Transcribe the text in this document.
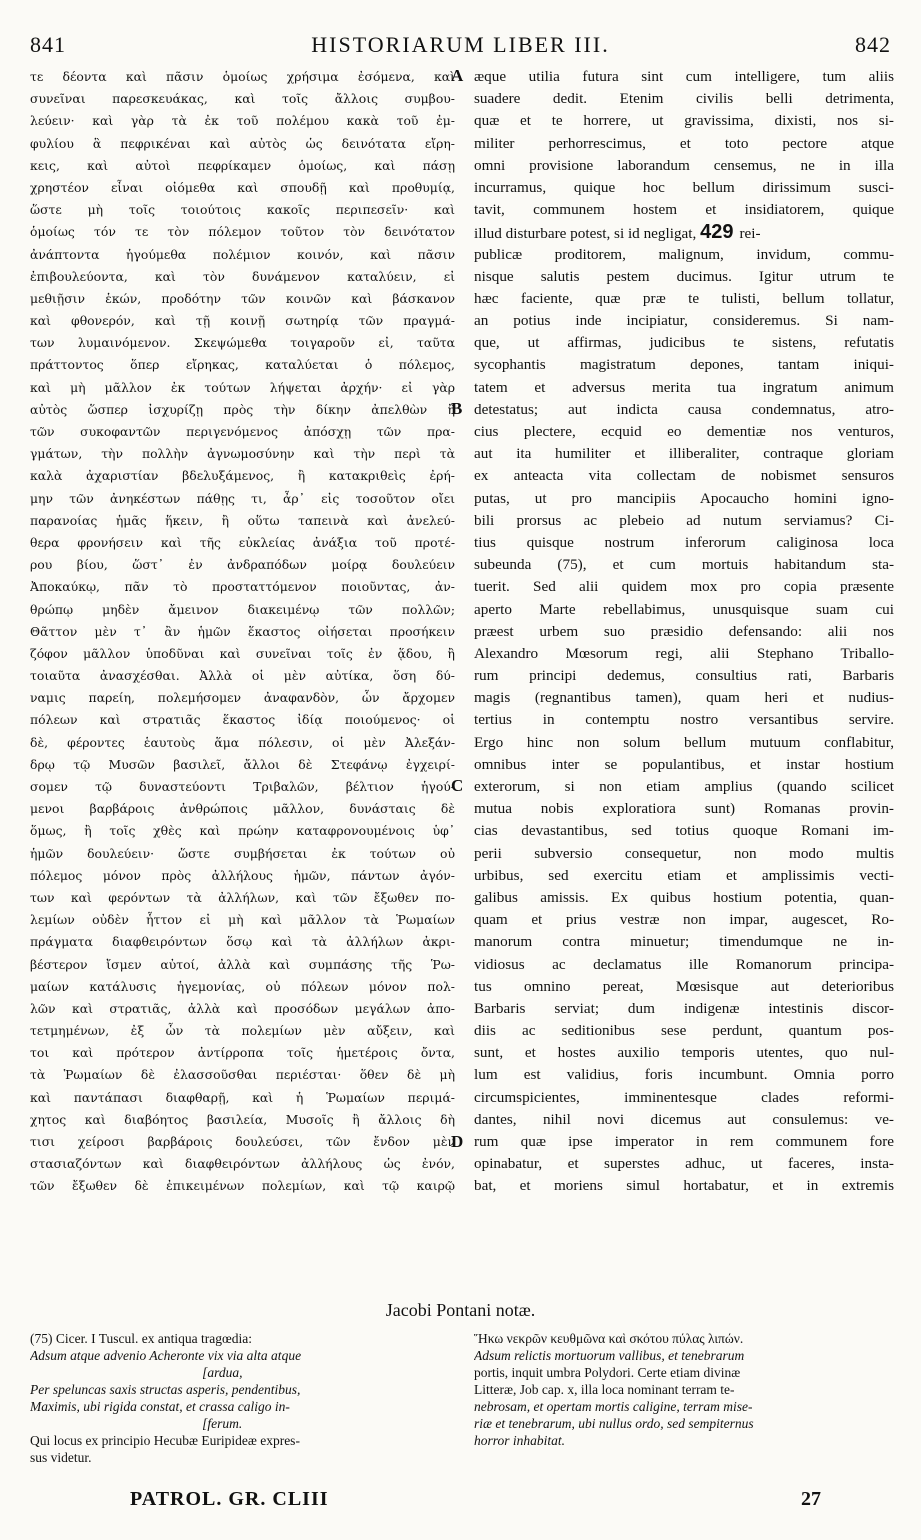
841	HISTORIARUM LIBER III.	842
τε δέοντα καὶ πᾶσιν ὁμοίως χρήσιμα ἐσόμενα, καὶ
συνεῖναι παρεσκευάκας, καὶ τοῖς ἄλλοις συμβου-
λεύειν· καὶ γὰρ τὰ ἐκ τοῦ πολέμου κακὰ τοῦ ἐμ-
φυλίου ἃ πεφρικέναι καὶ αὐτὸς ὡς δεινότατα εἴρη-
κεις, καὶ αὐτοὶ πεφρίκαμεν ὁμοίως, καὶ πάσῃ
χρηστέον εἶναι οἰόμεθα καὶ σπουδῇ καὶ προθυμίᾳ,
ὥστε μὴ τοῖς τοιούτοις κακοῖς περιπεσεῖν· καὶ
ὁμοίως τόν τε τὸν πόλεμον τοῦτον τὸν δεινότατον
ἀνάπτοντα ἡγούμεθα πολέμιον κοινόν, καὶ πᾶσιν
ἐπιβουλεύοντα, καὶ τὸν δυνάμενον καταλύειν, εἰ
μεθιῇσιν ἑκών, προδότην τῶν κοινῶν καὶ βάσκανον
καὶ φθονερόν, καὶ τῇ κοινῇ σωτηρίᾳ τῶν πραγμά-
των λυμαινόμενον. Σκεψώμεθα τοιγαροῦν εἰ, ταῦτα
πράττοντος ὅπερ εἴρηκας, καταλύεται ὁ πόλεμος,
καὶ μὴ μᾶλλον ἐκ τούτων λήψεται ἀρχήν· εἰ γὰρ
αὐτὸς ὥσπερ ἰσχυρίζῃ πρὸς τὴν δίκην ἀπελθὼν ἢ
τῶν συκοφαντῶν περιγενόμενος ἀπόσχῃ τῶν πρα-
γμάτων, τὴν πολλὴν ἀγνωμοσύνην καὶ τὴν περὶ τὰ
καλὰ ἀχαριστίαν βδελυξάμενος, ἢ κατακριθεὶς ἐρή-
μην τῶν ἀνηκέστων πάθῃς τι, ἆρ᾽ εἰς τοσοῦτον οἴει
παρανοίας ἡμᾶς ἥκειν, ἢ οὕτω ταπεινὰ καὶ ἀνελεύ-
θερα φρονήσειν καὶ τῆς εὐκλείας ἀνάξια τοῦ προτέ-
ρου βίου, ὥστ᾽ ἐν ἀνδραπόδων μοίρᾳ δουλεύειν
Ἀποκαύκῳ, πᾶν τὸ προσταττόμενον ποιοῦντας, ἀν-
θρώπῳ μηδὲν ἄμεινον διακειμένῳ τῶν πολλῶν;
Θᾶττον μὲν τ᾽ ἂν ἡμῶν ἕκαστος οἰήσεται προσήκειν
ζόφον μᾶλλον ὑποδῦναι καὶ συνεῖναι τοῖς ἐν ᾅδου, ἢ
τοιαῦτα ἀνασχέσθαι. Ἀλλὰ οἱ μὲν αὐτίκα, ὅση δύ-
ναμις παρείη, πολεμήσομεν ἀναφανδὸν, ὧν ἄρχομεν
πόλεων καὶ στρατιᾶς ἕκαστος ἰδίᾳ ποιούμενος· οἱ
δὲ, φέροντες ἑαυτοὺς ἅμα πόλεσιν, οἱ μὲν Ἀλεξάν-
δρῳ τῷ Μυσῶν βασιλεῖ, ἄλλοι δὲ Στεφάνῳ ἐγχειρί-
σομεν τῷ δυναστεύοντι Τριβαλῶν, βέλτιον ἡγού-
μενοι βαρβάροις ἀνθρώποις μᾶλλον, δυνάσταις δὲ
ὅμως, ἢ τοῖς χθὲς καὶ πρώην καταφρονουμένοις ὑφ᾽
ἡμῶν δουλεύειν· ὥστε συμβήσεται ἐκ τούτων οὐ
πόλεμος μόνον πρὸς ἀλλήλους ἡμῶν, πάντων ἀγόν-
των καὶ φερόντων τὰ ἀλλήλων, καὶ τῶν ἔξωθεν πο-
λεμίων οὐδὲν ἧττον εἰ μὴ καὶ μᾶλλον τὰ Ῥωμαίων
πράγματα διαφθειρόντων ὅσῳ καὶ τὰ ἀλλήλων ἀκρι-
βέστερον ἴσμεν αὐτοί, ἀλλὰ καὶ συμπάσης τῆς Ῥω-
μαίων κατάλυσις ἡγεμονίας, οὐ πόλεων μόνον πολ-
λῶν καὶ στρατιᾶς, ἀλλὰ καὶ προσόδων μεγάλων ἀπο-
τετμημένων, ἐξ ὧν τὰ πολεμίων μὲν αὔξειν, καὶ
τοι καὶ πρότερον ἀντίρροπα τοῖς ἡμετέροις ὄντα,
τὰ Ῥωμαίων δὲ ἐλασσοῦσθαι περιέσται· ὅθεν δὲ μὴ
καὶ παντάπασι διαφθαρῇ, καὶ ἡ Ῥωμαίων περιμά-
χητος καὶ διαβόητος βασιλεία, Μυσοῖς ἢ ἄλλοις δὴ
τισι χείροσι βαρβάροις δουλεύσει, τῶν ἔνδον μὲν
στασιαζόντων καὶ διαφθειρόντων ἀλλήλους ὡς ἐνόν,
τῶν ἔξωθεν δὲ ἐπικειμένων πολεμίων, καὶ τῷ καιρῷ
A
B
C
D
æque utilia futura sint cum intelligere, tum aliis
suadere dedit. Etenim civilis belli detrimenta,
quæ et te horrere, ut gravissima, dixisti, nos si-
militer perhorrescimus, et toto pectore atque
omni provisione laborandum censemus, ne in illa
incurramus, quique hoc bellum dirissimum susci-
tavit, communem hostem et insidiatorem, quique
illud disturbare potest, si id negligat, 429 rei-
publicæ proditorem, malignum, invidum, commu-
nisque salutis pestem ducimus. Igitur utrum te
hæc faciente, quæ præ te tulisti, bellum tollatur,
an potius inde incipiatur, consideremus. Si nam-
que, ut affirmas, judicibus te sistens, refutatis
sycophantis magistratum depones, tantam iniqui-
tatem et adversus merita tua ingratum animum
detestatus; aut indicta causa condemnatus, atro-
cius plectere, ecquid eo dementiæ nos venturos,
aut ita humiliter et illiberaliter, contraque gloriam
ex anteacta vita collectam de nobismet sensuros
putas, ut pro mancipiis Apocaucho homini igno-
bili prorsus ac plebeio ad nutum serviamus? Ci-
tius quisque nostrum inferorum caliginosa loca
subeunda (75), et cum mortuis habitandum sta-
tuerit. Sed alii quidem mox pro copia præsente
aperto Marte rebellabimus, unusquisque suam cui
præest urbem suo præsidio defensando: alii nos
Alexandro Mœsorum regi, alii Stephano Triballo-
rum principi dedemus, consultius rati, Barbaris
magis (regnantibus tamen), quam heri et nudius-
tertius in contemptu nostro versantibus servire.
Ergo hinc non solum bellum mutuum conflabitur,
omnibus inter se populantibus, et instar hostium
exterorum, si non etiam amplius (quando scilicet
mutua nobis exploratiora sunt) Romanas provin-
cias devastantibus, sed totius quoque Romani im-
perii subversio consequetur, non modo multis
urbibus, sed exercitu etiam et amplissimis vecti-
galibus amissis. Ex quibus hostium potentia, quan-
quam et prius vestræ non impar, augescet, Ro-
manorum contra minuetur; timendumque ne in-
vidiosus ac declamatus ille Romanorum principa-
tus omnino pereat, Mœsisque aut deterioribus
Barbaris serviat; dum indigenæ intestinis discor-
diis ac seditionibus sese perdunt, quantum pos-
sunt, et hostes auxilio temporis utentes, quo nul-
lum est validius, foris incumbunt. Omnia porro
circumspicientes, imminentesque clades reformi-
dantes, nihil novi dicemus aut consulemus: ve-
rum quæ ipse imperator in rem communem fore
opinabatur, et superstes adhuc, ut faceres, insta-
bat, et moriens simul hortabatur, et in extremis
Jacobi Pontani notæ.
(75) Cicer. I Tuscul. ex antiqua tragœdia:
Adsum atque advenio Acheronte vix via alta atque
[ardua,
Per speluncas saxis structas asperis, pendentibus,
Maximis, ubi rigida constat, et crassa caligo in-
[ferum.
Qui locus ex principio Hecubæ Euripideæ expres-
sus videtur.
Ἥκω νεκρῶν κευθμῶνα καὶ σκότου πύλας λιπών.
Adsum relictis mortuorum vallibus, et tenebrarum
portis, inquit umbra Polydori. Certe etiam divinæ
Litteræ, Job cap. x, illa loca nominant terram te-
nebrosam, et opertam mortis caligine, terram mise-
riæ et tenebrarum, ubi nullus ordo, sed sempiternus
horror inhabitat.
PATROL. GR. CLIII	27
